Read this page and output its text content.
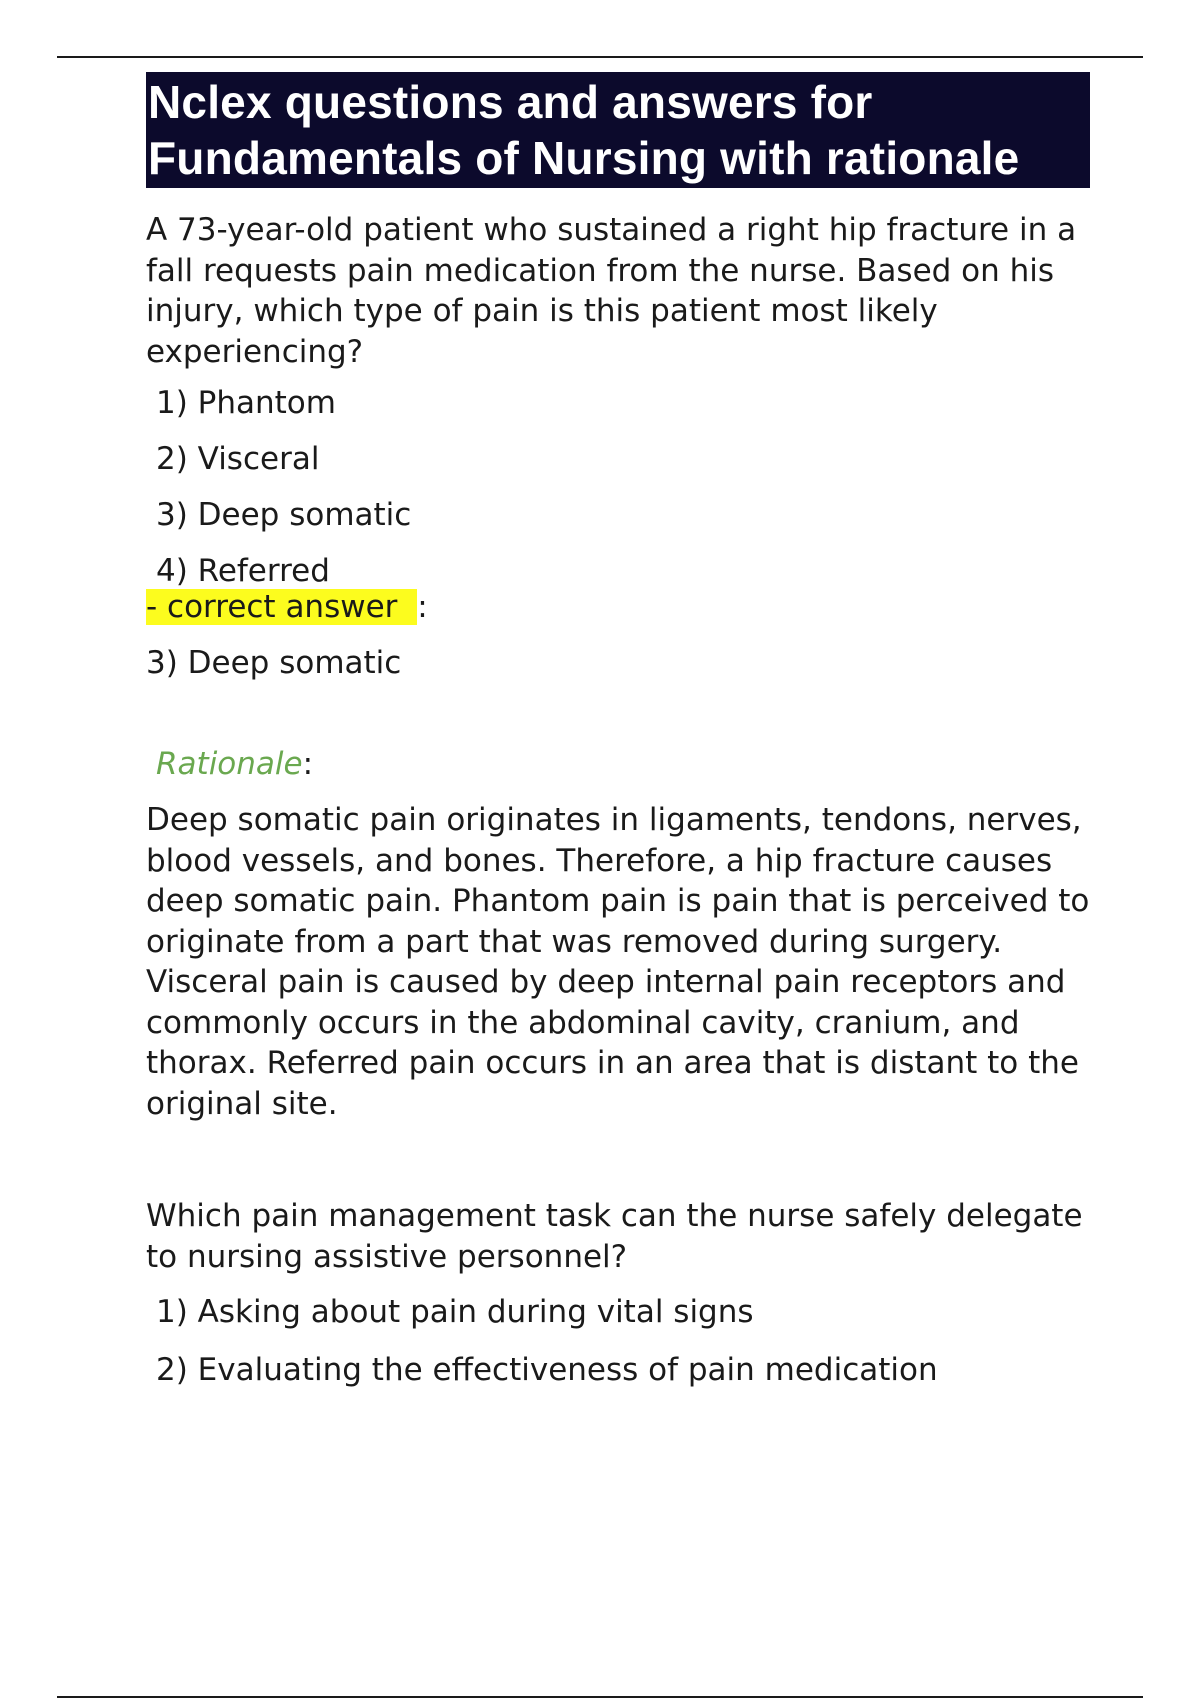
Nclex questions and answers for
Fundamentals of Nursing with rationale

A 73-year-old patient who sustained a right hip fracture in a fall requests pain medication from the nurse. Based on his injury, which type of pain is this patient most likely experiencing?

1) Phantom
2) Visceral
3) Deep somatic
4) Referred

- correct answer :

3) Deep somatic

Rationale:

Deep somatic pain originates in ligaments, tendons, nerves, blood vessels, and bones. Therefore, a hip fracture causes deep somatic pain. Phantom pain is pain that is perceived to originate from a part that was removed during surgery. Visceral pain is caused by deep internal pain receptors and commonly occurs in the abdominal cavity, cranium, and thorax. Referred pain occurs in an area that is distant to the original site.

Which pain management task can the nurse safely delegate to nursing assistive personnel?

1) Asking about pain during vital signs
2) Evaluating the effectiveness of pain medication
